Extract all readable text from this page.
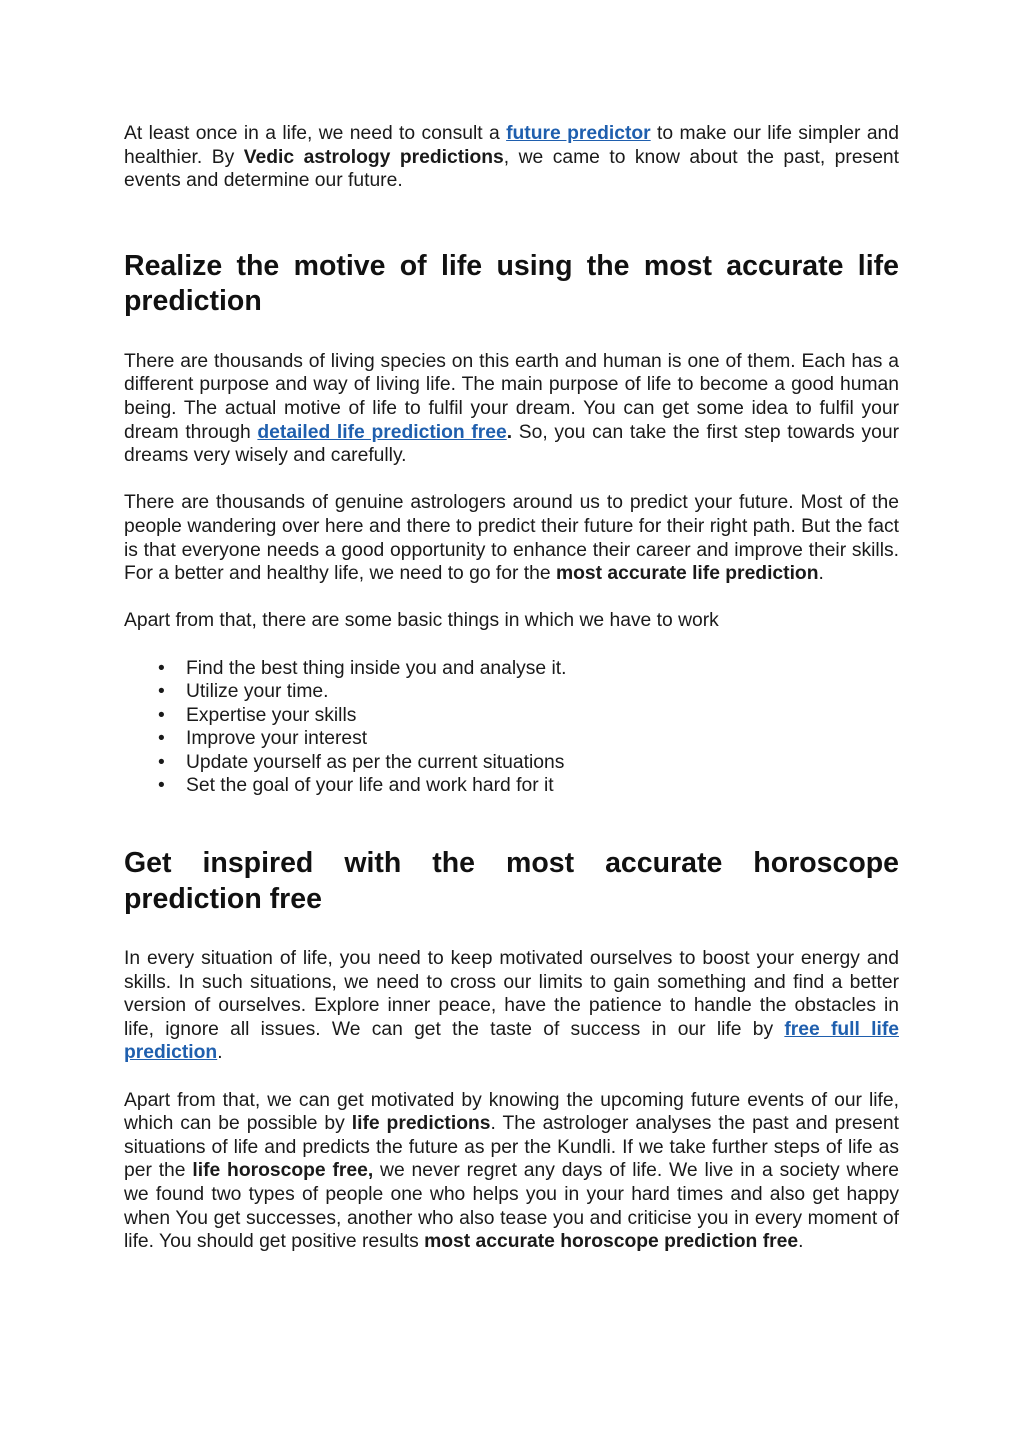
At least once in a life, we need to consult a future predictor to make our life simpler and healthier. By Vedic astrology predictions, we came to know about the past, present events and determine our future.

Realize the motive of life using the most accurate life prediction

There are thousands of living species on this earth and human is one of them. Each has a different purpose and way of living life. The main purpose of life to become a good human being. The actual motive of life to fulfil your dream. You can get some idea to fulfil your dream through detailed life prediction free. So, you can take the first step towards your dreams very wisely and carefully.

There are thousands of genuine astrologers around us to predict your future. Most of the people wandering over here and there to predict their future for their right path. But the fact is that everyone needs a good opportunity to enhance their career and improve their skills. For a better and healthy life, we need to go for the most accurate life prediction.

Apart from that, there are some basic things in which we have to work

• Find the best thing inside you and analyse it.
• Utilize your time.
• Expertise your skills
• Improve your interest
• Update yourself as per the current situations
• Set the goal of your life and work hard for it
Get inspired with the most accurate horoscope prediction free

In every situation of life, you need to keep motivated ourselves to boost your energy and skills. In such situations, we need to cross our limits to gain something and find a better version of ourselves. Explore inner peace, have the patience to handle the obstacles in life, ignore all issues. We can get the taste of success in our life by free full life prediction.

Apart from that, we can get motivated by knowing the upcoming future events of our life, which can be possible by life predictions. The astrologer analyses the past and present situations of life and predicts the future as per the Kundli. If we take further steps of life as per the life horoscope free, we never regret any days of life. We live in a society where we found two types of people one who helps you in your hard times and also get happy when You get successes, another who also tease you and criticise you in every moment of life. You should get positive results most accurate horoscope prediction free.
